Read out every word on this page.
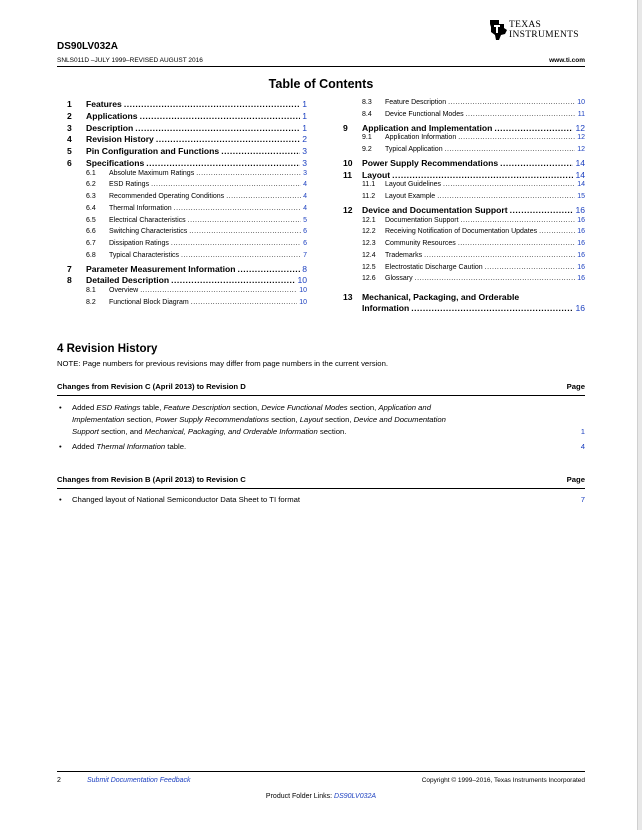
DS90LV032A
SNLS011D –JULY 1999–REVISED AUGUST 2016	www.ti.com
TEXAS
INSTRUMENTS
Table of Contents
1 Features .....	1
2 Applications .....	1
3 Description .....	1
4 Revision History .....	2
5 Pin Configuration and Functions .....	3
6 Specifications .....	3
6.1 Absolute Maximum Ratings .....	3
6.2 ESD Ratings .....	4
6.3 Recommended Operating Conditions .....	4
6.4 Thermal Information .....	4
6.5 Electrical Characteristics .....	5
6.6 Switching Characteristics .....	6
6.7 Dissipation Ratings .....	6
6.8 Typical Characteristics .....	7
7 Parameter Measurement Information .....	8
8 Detailed Description .....	10
8.1 Overview .....	10
8.2 Functional Block Diagram .....	10
8.3 Feature Description .....	10
8.4 Device Functional Modes .....	11
9 Application and Implementation .....	12
9.1 Application Information .....	12
9.2 Typical Application .....	12
10 Power Supply Recommendations .....	14
11 Layout .....	14
11.1 Layout Guidelines .....	14
11.2 Layout Example .....	15
12 Device and Documentation Support .....	16
12.1 Documentation Support .....	16
12.2 Receiving Notification of Documentation Updates .....	16
12.3 Community Resources .....	16
12.4 Trademarks .....	16
12.5 Electrostatic Discharge Caution .....	16
12.6 Glossary .....	16
13 Mechanical, Packaging, and Orderable
Information .....	16
4 Revision History
NOTE: Page numbers for previous revisions may differ from page numbers in the current version.
Changes from Revision C (April 2013) to Revision D	Page
• Added ESD Ratings table, Feature Description section, Device Functional Modes section, Application and
Implementation section, Power Supply Recommendations section, Layout section, Device and Documentation
Support section, and Mechanical, Packaging, and Orderable Information section.	1
• Added Thermal Information table.	4
Changes from Revision B (April 2013) to Revision C	Page
• Changed layout of National Semiconductor Data Sheet to TI format	7
2	Submit Documentation Feedback	Copyright © 1999–2016, Texas Instruments Incorporated
Product Folder Links: DS90LV032A
